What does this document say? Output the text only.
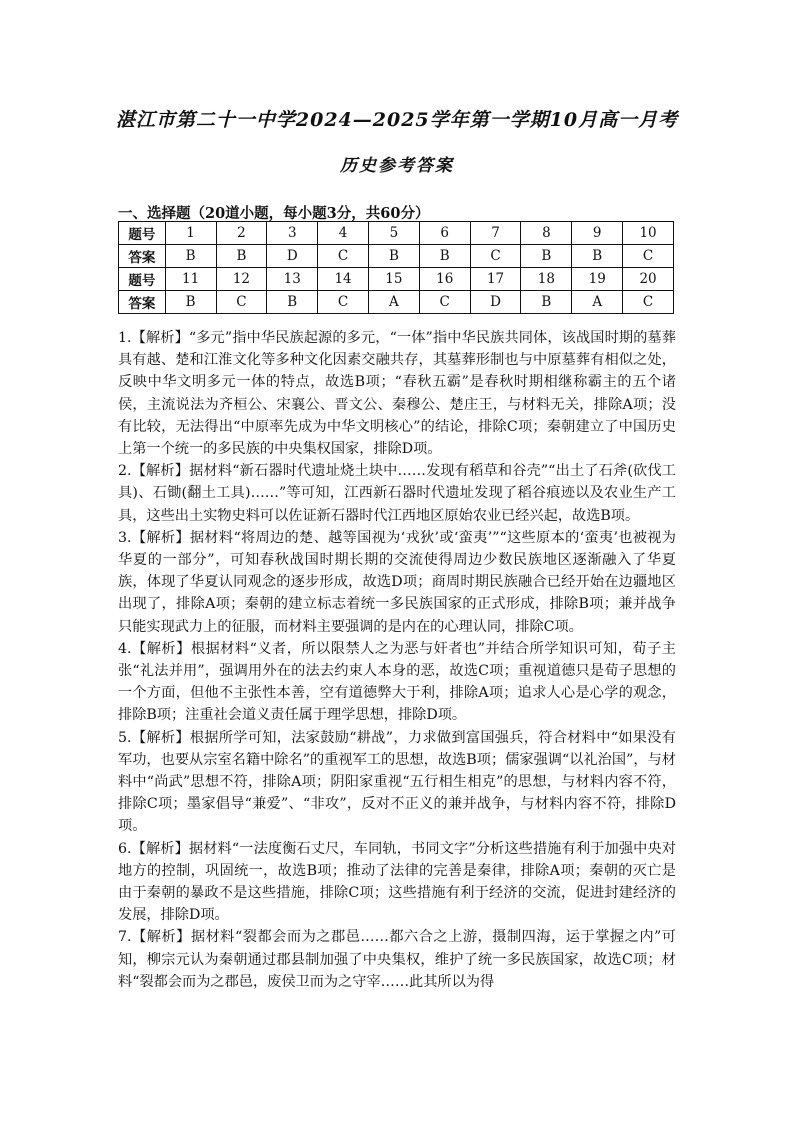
湛江市第二十一中学2024—2025学年第一学期10月高一月考
历史参考答案
一、选择题（20道小题，每小题3分，共60分）
题号	1	2	3	4	5	6	7	8	9	10
答案	B	B	D	C	B	B	C	B	B	C
题号	11	12	13	14	15	16	17	18	19	20
答案	B	C	B	C	A	C	D	B	A	C

1.【解析】“多元”指中华民族起源的多元，“一体”指中华民族共同体，该战国时期的墓葬具有越、楚和江淮文化等多种文化因素交融共存，其墓葬形制也与中原墓葬有相似之处，反映中华文明多元一体的特点，故选B项；“春秋五霸”是春秋时期相继称霸主的五个诸侯，主流说法为齐桓公、宋襄公、晋文公、秦穆公、楚庄王，与材料无关，排除A项；没有比较，无法得出“中原率先成为中华文明核心”的结论，排除C项；秦朝建立了中国历史上第一个统一的多民族的中央集权国家，排除D项。

2.【解析】据材料“新石器时代遗址烧土块中……发现有稻草和谷壳”“出土了石斧(砍伐工具)、石锄(翻土工具)……”等可知，江西新石器时代遗址发现了稻谷痕迹以及农业生产工具，这些出土实物史料可以佐证新石器时代江西地区原始农业已经兴起，故选B项。

3.【解析】据材料“将周边的楚、越等国视为‘戎狄’或‘蛮夷’”“这些原本的‘蛮夷’也被视为华夏的一部分”，可知春秋战国时期长期的交流使得周边少数民族地区逐渐融入了华夏族，体现了华夏认同观念的逐步形成，故选D项；商周时期民族融合已经开始在边疆地区出现了，排除A项；秦朝的建立标志着统一多民族国家的正式形成，排除B项；兼并战争只能实现武力上的征服，而材料主要强调的是内在的心理认同，排除C项。

4.【解析】根据材料“义者，所以限禁人之为恶与奸者也”并结合所学知识可知，荀子主张“礼法并用”，强调用外在的法去约束人本身的恶，故选C项；重视道德只是荀子思想的一个方面，但他不主张性本善，空有道德弊大于利，排除A项；追求人心是心学的观念，排除B项；注重社会道义责任属于理学思想，排除D项。

5.【解析】根据所学可知，法家鼓励“耕战”，力求做到富国强兵，符合材料中“如果没有军功，也要从宗室名籍中除名”的重视军工的思想，故选B项；儒家强调“以礼治国”，与材料中“尚武”思想不符，排除A项；阴阳家重视“五行相生相克”的思想，与材料内容不符，排除C项；墨家倡导“兼爱”、“非攻”，反对不正义的兼并战争，与材料内容不符，排除D项。

6.【解析】据材料“一法度衡石丈尺，车同轨，书同文字”分析这些措施有利于加强中央对地方的控制，巩固统一，故选B项；推动了法律的完善是秦律，排除A项；秦朝的灭亡是由于秦朝的暴政不是这些措施，排除C项；这些措施有利于经济的交流，促进封建经济的发展，排除D项。

7.【解析】据材料“裂都会而为之郡邑……都六合之上游，摄制四海，运于掌握之内”可知，柳宗元认为秦朝通过郡县制加强了中央集权，维护了统一多民族国家，故选C项；材料“裂都会而为之郡邑，废侯卫而为之守宰……此其所以为得
